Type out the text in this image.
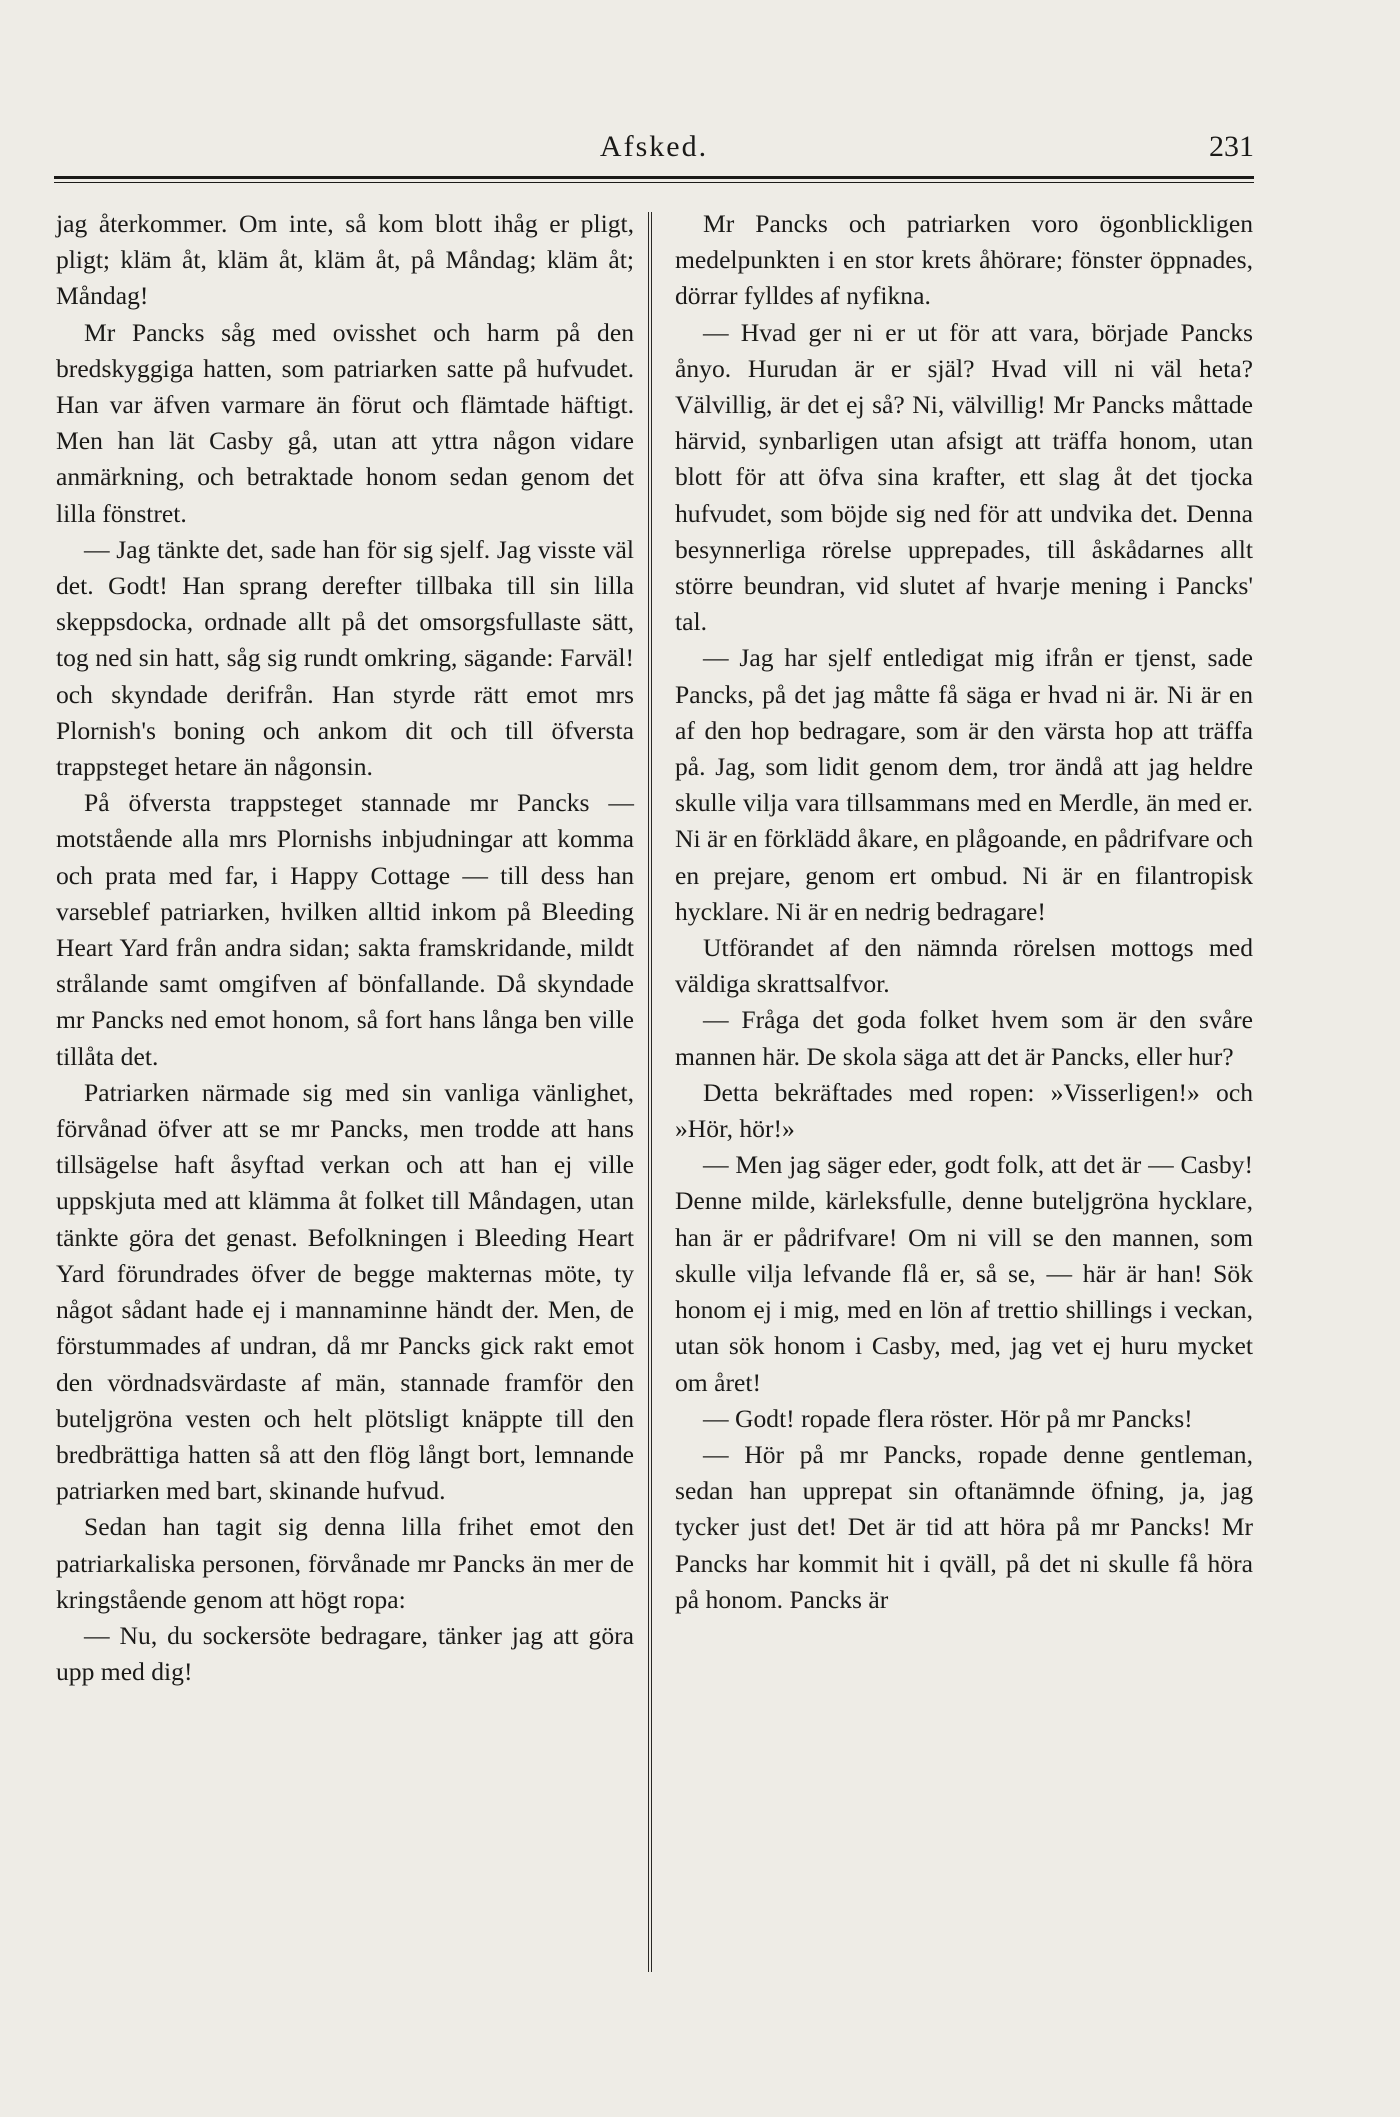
Afsked.	231

jag återkommer. Om inte, så kom blott ihåg er pligt, pligt; kläm åt, kläm åt, kläm åt, på Måndag; kläm åt; Måndag!

Mr Pancks såg med ovisshet och harm på den bredskyggiga hatten, som patriarken satte på hufvudet. Han var äfven varmare än förut och flämtade häftigt. Men han lät Casby gå, utan att yttra någon vidare anmärkning, och betraktade honom sedan genom det lilla fönstret.

— Jag tänkte det, sade han för sig sjelf. Jag visste väl det. Godt! Han sprang derefter tillbaka till sin lilla skeppsdocka, ordnade allt på det omsorgsfullaste sätt, tog ned sin hatt, såg sig rundt omkring, sägande: Farväl! och skyndade derifrån. Han styrde rätt emot mrs Plornish's boning och ankom dit och till öfversta trappsteget hetare än någonsin.

På öfversta trappsteget stannade mr Pancks — motstående alla mrs Plornishs inbjudningar att komma och prata med far, i Happy Cottage — till dess han varseblef patriarken, hvilken alltid inkom på Bleeding Heart Yard från andra sidan; sakta framskridande, mildt strålande samt omgifven af bönfallande. Då skyndade mr Pancks ned emot honom, så fort hans långa ben ville tillåta det.

Patriarken närmade sig med sin vanliga vänlighet, förvånad öfver att se mr Pancks, men trodde att hans tillsägelse haft åsyftad verkan och att han ej ville uppskjuta med att klämma åt folket till Måndagen, utan tänkte göra det genast. Befolkningen i Bleeding Heart Yard förundrades öfver de begge makternas möte, ty något sådant hade ej i mannaminne händt der. Men, de förstummades af undran, då mr Pancks gick rakt emot den vördnadsvärdaste af män, stannade framför den buteljgröna vesten och helt plötsligt knäppte till den bredbrättiga hatten så att den flög långt bort, lemnande patriarken med bart, skinande hufvud.

Sedan han tagit sig denna lilla frihet emot den patriarkaliska personen, förvånade mr Pancks än mer de kringstående genom att högt ropa:

— Nu, du sockersöte bedragare, tänker jag att göra upp med dig!

Mr Pancks och patriarken voro ögonblickligen medelpunkten i en stor krets åhörare; fönster öppnades, dörrar fylldes af nyfikna.

— Hvad ger ni er ut för att vara, började Pancks ånyo. Hurudan är er själ? Hvad vill ni väl heta? Välvillig, är det ej så? Ni, välvillig! Mr Pancks måttade härvid, synbarligen utan afsigt att träffa honom, utan blott för att öfva sina krafter, ett slag åt det tjocka hufvudet, som böjde sig ned för att undvika det. Denna besynnerliga rörelse upprepades, till åskådarnes allt större beundran, vid slutet af hvarje mening i Pancks' tal.

— Jag har sjelf entledigat mig ifrån er tjenst, sade Pancks, på det jag måtte få säga er hvad ni är. Ni är en af den hop bedragare, som är den värsta hop att träffa på. Jag, som lidit genom dem, tror ändå att jag heldre skulle vilja vara tillsammans med en Merdle, än med er. Ni är en förklädd åkare, en plågoande, en pådrifvare och en prejare, genom ert ombud. Ni är en filantropisk hycklare. Ni är en nedrig bedragare!

Utförandet af den nämnda rörelsen mottogs med väldiga skrattsalfvor.

— Fråga det goda folket hvem som är den svåre mannen här. De skola säga att det är Pancks, eller hur?

Detta bekräftades med ropen: »Visserligen!» och »Hör, hör!»

— Men jag säger eder, godt folk, att det är — Casby! Denne milde, kärleksfulle, denne buteljgröna hycklare, han är er pådrifvare! Om ni vill se den mannen, som skulle vilja lefvande flå er, så se, — här är han! Sök honom ej i mig, med en lön af trettio shillings i veckan, utan sök honom i Casby, med, jag vet ej huru mycket om året!

— Godt! ropade flera röster. Hör på mr Pancks!

— Hör på mr Pancks, ropade denne gentleman, sedan han upprepat sin oftanämnde öfning, ja, jag tycker just det! Det är tid att höra på mr Pancks! Mr Pancks har kommit hit i qväll, på det ni skulle få höra på honom. Pancks är
